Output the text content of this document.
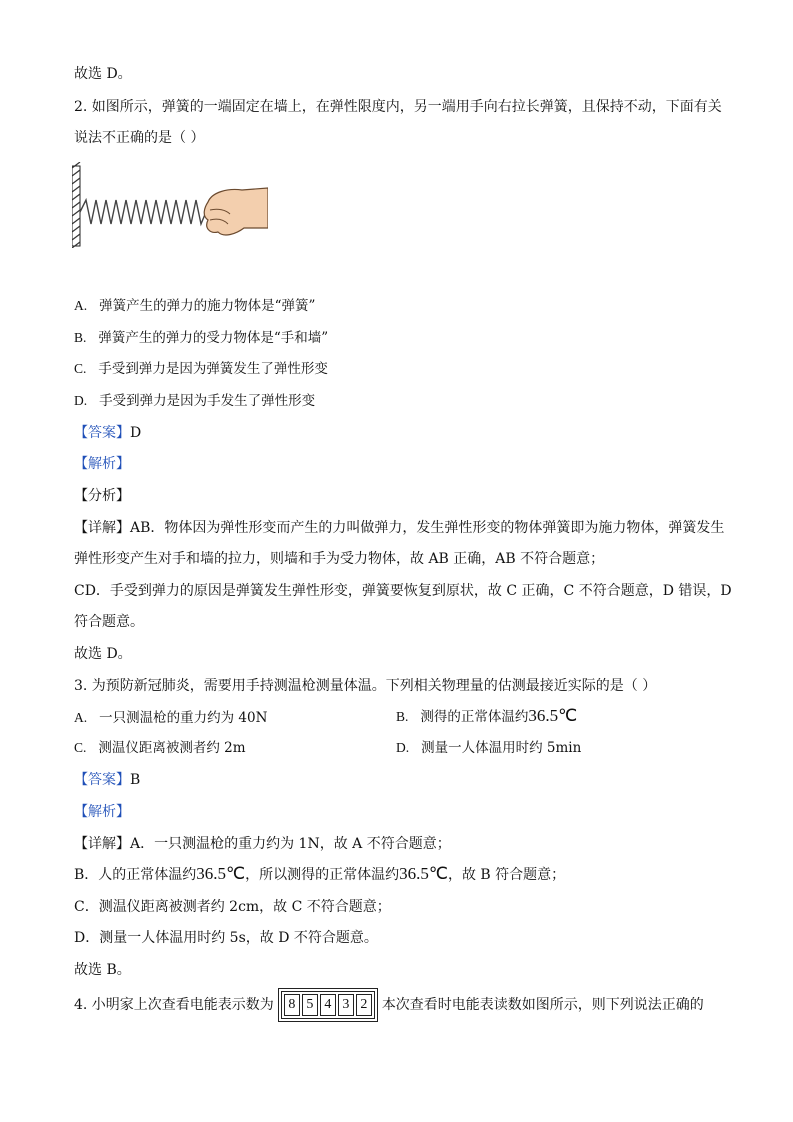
故选 D。
2. 如图所示，弹簧的一端固定在墙上，在弹性限度内，另一端用手向右拉长弹簧，且保持不动，下面有关
说法不正确的是（ ）
A. 弹簧产生的弹力的施力物体是“弹簧”
B. 弹簧产生的弹力的受力物体是“手和墙”
C. 手受到弹力是因为弹簧发生了弹性形变
D. 手受到弹力是因为手发生了弹性形变
【答案】D
【解析】
【分析】
【详解】AB．物体因为弹性形变而产生的力叫做弹力，发生弹性形变的物体弹簧即为施力物体，弹簧发生
弹性形变产生对手和墙的拉力，则墙和手为受力物体，故 AB 正确，AB 不符合题意；
CD．手受到弹力的原因是弹簧发生弹性形变，弹簧要恢复到原状，故 C 正确，C 不符合题意，D 错误，D
符合题意。
故选 D。
3. 为预防新冠肺炎，需要用手持测温枪测量体温。下列相关物理量的估测最接近实际的是（ ）
A. 一只测温枪的重力约为 40N	B. 测得的正常体温约36.5℃
C. 测温仪距离被测者约 2m	D. 测量一人体温用时约 5min
【答案】B
【解析】
【详解】A．一只测温枪的重力约为 1N，故 A 不符合题意；
B．人的正常体温约36.5℃，所以测得的正常体温约36.5℃，故 B 符合题意；
C．测温仪距离被测者约 2cm，故 C 不符合题意；
D．测量一人体温用时约 5s，故 D 不符合题意。
故选 B。
4. 小明家上次查看电能表示数为	8 5 4 3 2	本次查看时电能表读数如图所示，则下列说法正确的
